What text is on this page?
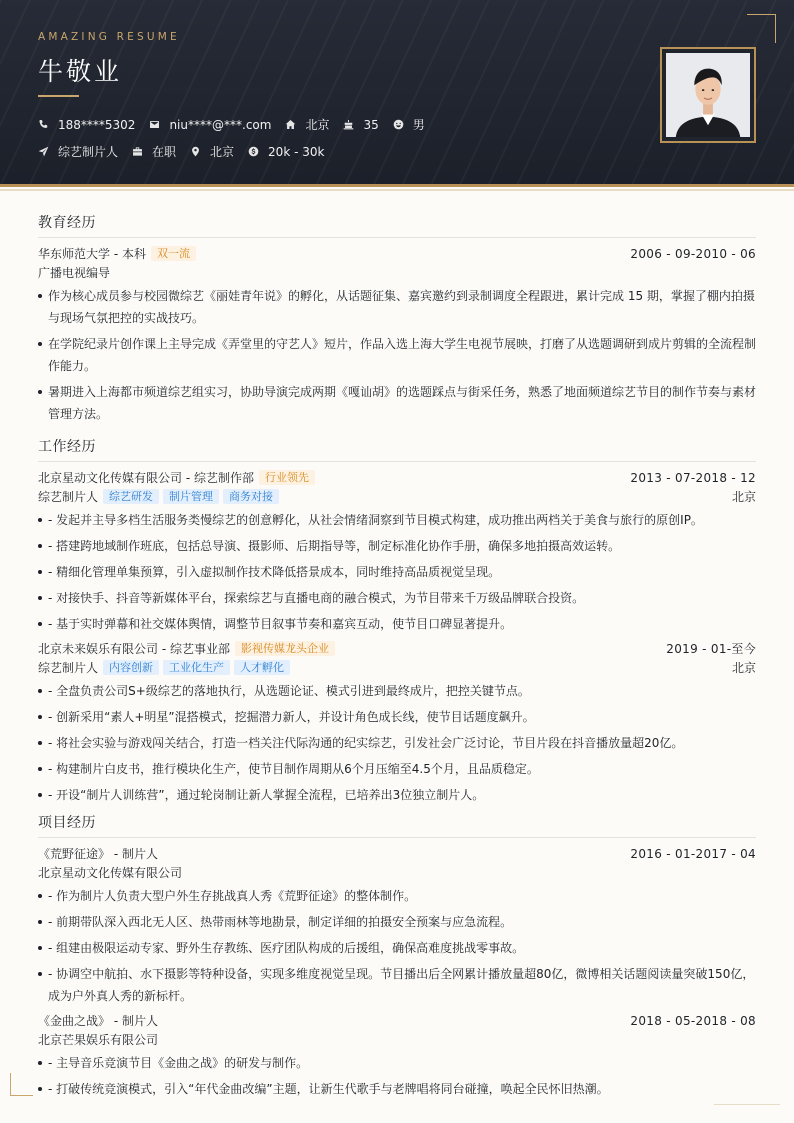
AMAZING RESUME
牛敬业
188****5302	niu****@***.com	北京	35	男
综艺制片人	在职	北京	20k - 30k
教育经历
华东师范大学 - 本科	双一流	2006 - 09-2010 - 06
广播电视编导
作为核心成员参与校园微综艺《丽娃青年说》的孵化，从话题征集、嘉宾邀约到录制调度全程跟进，累计完成 15 期，掌握了棚内拍摄与现场气氛把控的实战技巧。
在学院纪录片创作课上主导完成《弄堂里的守艺人》短片，作品入选上海大学生电视节展映，打磨了从选题调研到成片剪辑的全流程制作能力。
暑期进入上海都市频道综艺组实习，协助导演完成两期《嘎讪胡》的选题踩点与街采任务，熟悉了地面频道综艺节目的制作节奏与素材管理方法。
工作经历
北京星动文化传媒有限公司 - 综艺制作部	行业领先	2013 - 07-2018 - 12
综艺制片人	综艺研发	制片管理	商务对接	北京
- 发起并主导多档生活服务类慢综艺的创意孵化，从社会情绪洞察到节目模式构建，成功推出两档关于美食与旅行的原创IP。
- 搭建跨地域制作班底，包括总导演、摄影师、后期指导等，制定标准化协作手册，确保多地拍摄高效运转。
- 精细化管理单集预算，引入虚拟制作技术降低搭景成本，同时维持高品质视觉呈现。
- 对接快手、抖音等新媒体平台，探索综艺与直播电商的融合模式，为节目带来千万级品牌联合投资。
- 基于实时弹幕和社交媒体舆情，调整节目叙事节奏和嘉宾互动，使节目口碑显著提升。
北京未来娱乐有限公司 - 综艺事业部	影视传媒龙头企业	2019 - 01-至今
综艺制片人	内容创新	工业化生产	人才孵化	北京
- 全盘负责公司S+级综艺的落地执行，从选题论证、模式引进到最终成片，把控关键节点。
- 创新采用“素人+明星”混搭模式，挖掘潜力新人，并设计角色成长线，使节目话题度飙升。
- 将社会实验与游戏闯关结合，打造一档关注代际沟通的纪实综艺，引发社会广泛讨论，节目片段在抖音播放量超20亿。
- 构建制片白皮书，推行模块化生产，使节目制作周期从6个月压缩至4.5个月，且品质稳定。
- 开设“制片人训练营”，通过轮岗制让新人掌握全流程，已培养出3位独立制片人。
项目经历
《荒野征途》 - 制片人	2016 - 01-2017 - 04
北京星动文化传媒有限公司
- 作为制片人负责大型户外生存挑战真人秀《荒野征途》的整体制作。
- 前期带队深入西北无人区、热带雨林等地勘景，制定详细的拍摄安全预案与应急流程。
- 组建由极限运动专家、野外生存教练、医疗团队构成的后援组，确保高难度挑战零事故。
- 协调空中航拍、水下摄影等特种设备，实现多维度视觉呈现。节目播出后全网累计播放量超80亿，微博相关话题阅读量突破150亿，成为户外真人秀的新标杆。
《金曲之战》 - 制片人	2018 - 05-2018 - 08
北京芒果娱乐有限公司
- 主导音乐竞演节目《金曲之战》的研发与制作。
- 打破传统竞演模式，引入“年代金曲改编”主题，让新生代歌手与老牌唱将同台碰撞，唤起全民怀旧热潮。
